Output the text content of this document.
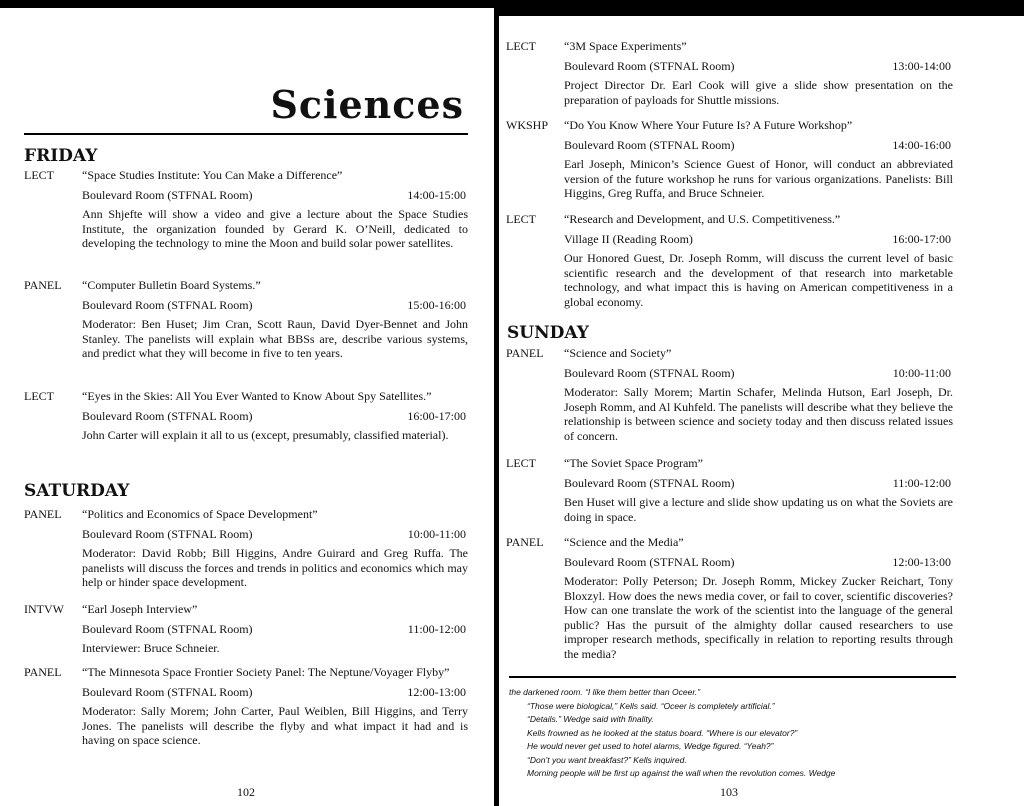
Sciences
FRIDAY
LECT “Space Studies Institute: You Can Make a Difference”
Boulevard Room (STFNAL Room)	14:00-15:00
Ann Shjefte will show a video and give a lecture about the Space Studies Institute, the organization founded by Gerard K. O’Neill, dedicated to developing the technology to mine the Moon and build solar power satellites.
PANEL “Computer Bulletin Board Systems.”
Boulevard Room (STFNAL Room)	15:00-16:00
Moderator: Ben Huset; Jim Cran, Scott Raun, David Dyer-Bennet and John Stanley. The panelists will explain what BBSs are, describe various systems, and predict what they will become in five to ten years.
LECT “Eyes in the Skies: All You Ever Wanted to Know About Spy Satellites.”
Boulevard Room (STFNAL Room)	16:00-17:00
John Carter will explain it all to us (except, presumably, classified material).
SATURDAY
PANEL “Politics and Economics of Space Development”
Boulevard Room (STFNAL Room)	10:00-11:00
Moderator: David Robb; Bill Higgins, Andre Guirard and Greg Ruffa. The panelists will discuss the forces and trends in politics and economics which may help or hinder space development.
INTVW “Earl Joseph Interview”
Boulevard Room (STFNAL Room)	11:00-12:00
Interviewer: Bruce Schneier.
PANEL “The Minnesota Space Frontier Society Panel: The Neptune/Voyager Flyby”
Boulevard Room (STFNAL Room)	12:00-13:00
Moderator: Sally Morem; John Carter, Paul Weiblen, Bill Higgins, and Terry Jones. The panelists will describe the flyby and what impact it had and is having on space science.
102
LECT “3M Space Experiments”
Boulevard Room (STFNAL Room)	13:00-14:00
Project Director Dr. Earl Cook will give a slide show presentation on the preparation of payloads for Shuttle missions.
WKSHP “Do You Know Where Your Future Is? A Future Workshop”
Boulevard Room (STFNAL Room)	14:00-16:00
Earl Joseph, Minicon’s Science Guest of Honor, will conduct an abbreviated version of the future workshop he runs for various organizations. Panelists: Bill Higgins, Greg Ruffa, and Bruce Schneier.
LECT “Research and Development, and U.S. Competitiveness.”
Village II (Reading Room)	16:00-17:00
Our Honored Guest, Dr. Joseph Romm, will discuss the current level of basic scientific research and the development of that research into marketable technology, and what impact this is having on American competitiveness in a global economy.
SUNDAY
PANEL “Science and Society”
Boulevard Room (STFNAL Room)	10:00-11:00
Moderator: Sally Morem; Martin Schafer, Melinda Hutson, Earl Joseph, Dr. Joseph Romm, and Al Kuhfeld. The panelists will describe what they believe the relationship is between science and society today and then discuss related issues of concern.
LECT “The Soviet Space Program”
Boulevard Room (STFNAL Room)	11:00-12:00
Ben Huset will give a lecture and slide show updating us on what the Soviets are doing in space.
PANEL “Science and the Media”
Boulevard Room (STFNAL Room)	12:00-13:00
Moderator: Polly Peterson; Dr. Joseph Romm, Mickey Zucker Reichart, Tony Bloxzyl. How does the news media cover, or fail to cover, scientific discoveries? How can one translate the work of the scientist into the language of the general public? Has the pursuit of the almighty dollar caused researchers to use improper research methods, specifically in relation to reporting results through the media?
the darkened room. “I like them better than Oceer.”
“Those were biological,” Kells said. “Oceer is completely artificial.”
“Details.” Wedge said with finality.
Kells frowned as he looked at the status board. “Where is our elevator?”
He would never get used to hotel alarms, Wedge figured. “Yeah?”
“Don’t you want breakfast?” Kells inquired.
Morning people will be first up against the wall when the revolution comes. Wedge
103
